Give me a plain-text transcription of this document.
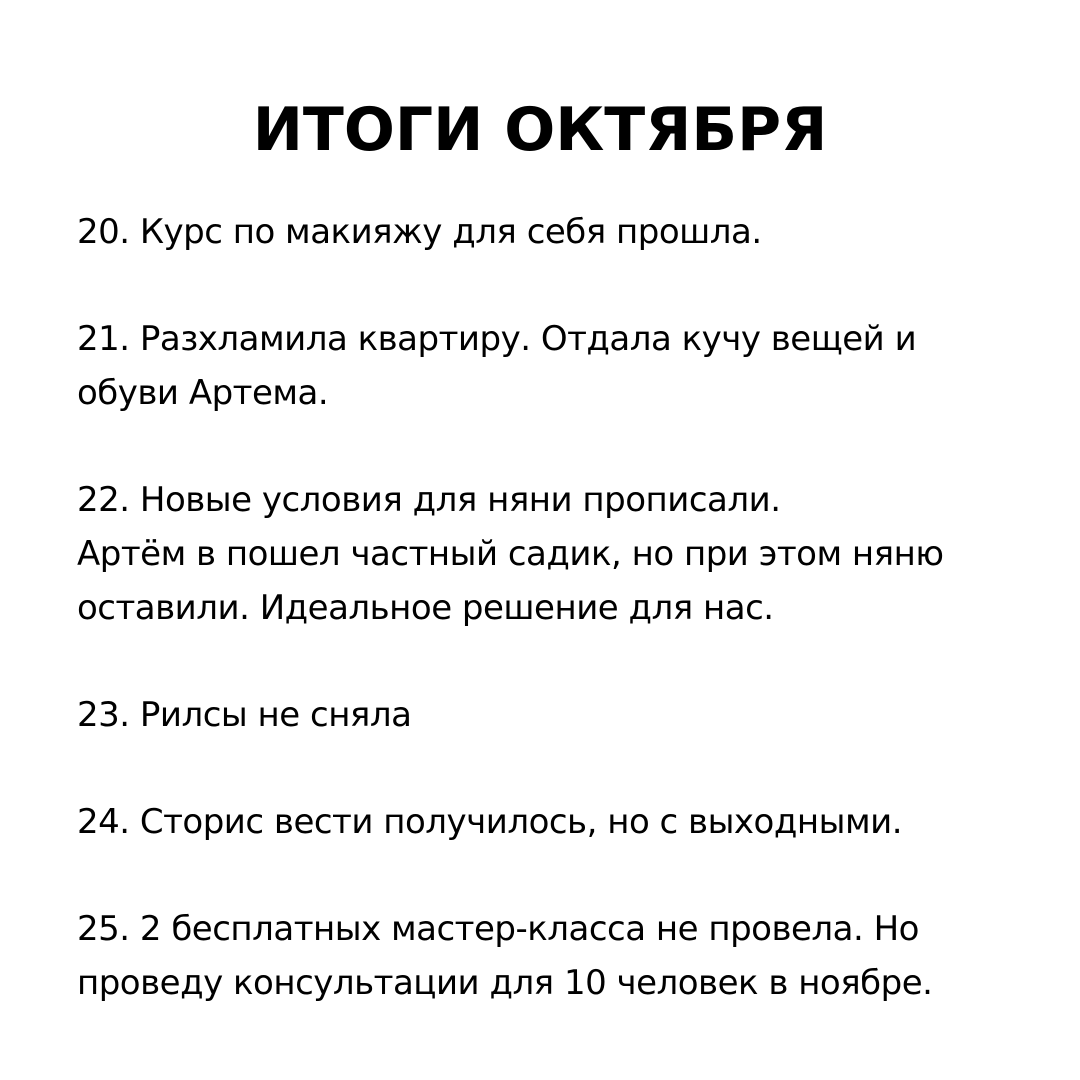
ИТОГИ ОКТЯБРЯ
20. Курс по макияжу для себя прошла.
21. Разхламила квартиру. Отдала кучу вещей и
обуви Артема.
22. Новые условия для няни прописали.
Артём в пошел частный садик, но при этом няню
оставили. Идеальное решение для нас.
23. Рилсы не сняла
24. Сторис вести получилось, но с выходными.
25. 2 бесплатных мастер-класса не провела. Но
проведу консультации для 10 человек в ноябре.
